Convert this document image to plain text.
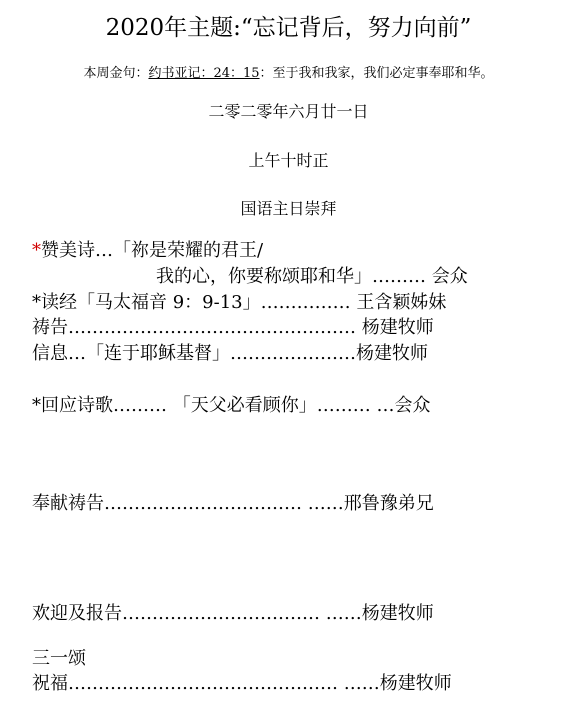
2020年主题:“忘记背后，努力向前”
本周金句：约书亚记：24：15：至于我和我家，我们必定事奉耶和华。
二零二零年六月廿一日
上午十时正
国语主日崇拜
*赞美诗…「祢是荣耀的君王/
我的心，你要称颂耶和华」……… 会众
*读经「马太福音 9：9-13」…………… 王含颖姊妹
祷告………………………………………… 杨建牧师
信息…「连于耶稣基督」…………………杨建牧师
*回应诗歌……… 「天父必看顾你」……… …会众
奉献祷告…………………………… ……邢鲁豫弟兄
欢迎及报告…………………………… ……杨建牧师
三一颂
祝福……………………………………… ……杨建牧师
